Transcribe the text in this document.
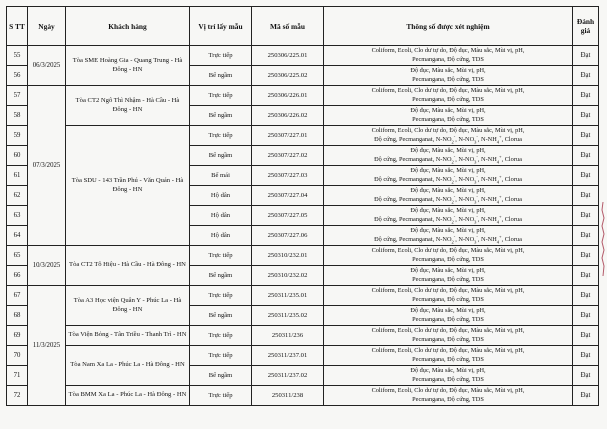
S TT	Ngày	Khách hàng	Vị trí lấy mẫu	Mã số mẫu	Thông số được xét nghiệm	Đánh giá
55	06/3/2025	Tòa SME Hoàng Gia - Quang Trung - Hà Đông - HN	Trực tiếp	250306/225.01	Coliform, Ecoli, Clo dư tự do, Độ đục, Màu sắc, Mùi vị, pH,
Pecmangana, Độ cứng, TDS	Đạt
56			Bể ngầm	250306/225.02	Độ đục, Màu sắc, Mùi vị, pH,
Pecmangana, Độ cứng, TDS	Đạt
57	07/3/2025	Tòa CT2 Ngô Thì Nhậm - Hà Cầu - Hà Đông - HN	Trực tiếp	250306/226.01	Coliform, Ecoli, Clo dư tự do, Độ đục, Màu sắc, Mùi vị, pH,
Pecmangana, Độ cứng, TDS	Đạt
58			Bể ngầm	250306/226.02	Độ đục, Màu sắc, Mùi vị, pH,
Pecmangana, Độ cứng, TDS	Đạt
59		Tòa SDU - 143 Trần Phú - Văn Quán - Hà Đông - HN	Trực tiếp	250307/227.01	Coliform, Ecoli, Clo dư tự do, Độ đục, Màu sắc, Mùi vị, pH,
Độ cứng, Pecmanganat, $N-NO_2^-$, $N-NO_3^-$, $N-NH_4^+$, Clorua	Đạt
60			Bể ngầm	250307/227.02	Độ đục, Màu sắc, Mùi vị, pH,
Độ cứng, Pecmanganat, $N-NO_2^-$, $N-NO_3^-$, $N-NH_4^+$, Clorua	Đạt
61			Bể mái	250307/227.03	Độ đục, Màu sắc, Mùi vị, pH,
Độ cứng, Pecmanganat, $N-NO_2^-$, $N-NO_3^-$, $N-NH_4^+$, Clorua	Đạt
62			Hộ dân	250307/227.04	Độ đục, Màu sắc, Mùi vị, pH,
Độ cứng, Pecmanganat, $N-NO_2^-$, $N-NO_3^-$, $N-NH_4^+$, Clorua	Đạt
63			Hộ dân	250307/227.05	Độ đục, Màu sắc, Mùi vị, pH,
Độ cứng, Pecmanganat, $N-NO_2^-$, $N-NO_3^-$, $N-NH_4^+$, Clorua	Đạt
64			Hộ dân	250307/227.06	Độ đục, Màu sắc, Mùi vị, pH,
Độ cứng, Pecmanganat, $N-NO_2^-$, $N-NO_3^-$, $N-NH_4^+$, Clorua	Đạt
65	10/3/2025	Tòa CT2 Tô Hiệu - Hà Cầu - Hà Đông - HN	Trực tiếp	250310/232.01	Coliform, Ecoli, Clo dư tự do, Độ đục, Màu sắc, Mùi vị, pH,
Pecmangana, Độ cứng, TDS	Đạt
66			Bể ngầm	250310/232.02	Độ đục, Màu sắc, Mùi vị, pH,
Pecmangana, Độ cứng, TDS	Đạt
67	11/3/2025	Tòa A3 Học viện Quân Y - Phúc La - Hà Đông - HN	Trực tiếp	250311/235.01	Coliform, Ecoli, Clo dư tự do, Độ đục, Màu sắc, Mùi vị, pH,
Pecmangana, Độ cứng, TDS	Đạt
68			Bể ngầm	250311/235.02	Độ đục, Màu sắc, Mùi vị, pH,
Pecmangana, Độ cứng, TDS	Đạt
69		Tòa Viện Bỏng - Tân Triều - Thanh Trì - HN	Trực tiếp	250311/236	Coliform, Ecoli, Clo dư tự do, Độ đục, Màu sắc, Mùi vị, pH,
Pecmangana, Độ cứng, TDS	Đạt
70		Tòa Nam Xa La - Phúc La - Hà Đông - HN	Trực tiếp	250311/237.01	Coliform, Ecoli, Clo dư tự do, Độ đục, Màu sắc, Mùi vị, pH,
Pecmangana, Độ cứng, TDS	Đạt
71			Bể ngầm	250311/237.02	Độ đục, Màu sắc, Mùi vị, pH,
Pecmangana, Độ cứng, TDS	Đạt
72		Tòa BMM Xa La - Phúc La - Hà Đông - HN	Trực tiếp	250311/238	Coliform, Ecoli, Clo dư tự do, Độ đục, Màu sắc, Mùi vị, pH,
Pecmangana, Độ cứng, TDS	Đạt
